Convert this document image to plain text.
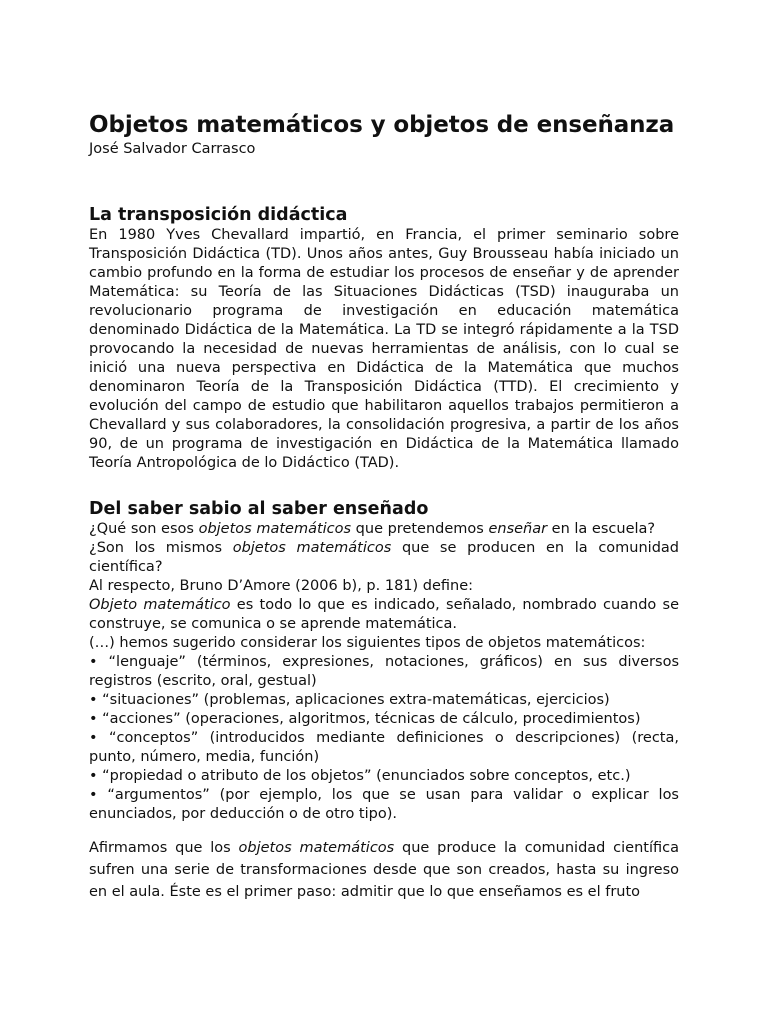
Objetos matemáticos y objetos de enseñanza

José Salvador Carrasco

La transposición didáctica

En 1980 Yves Chevallard impartió, en Francia, el primer seminario sobre Transposición Didáctica (TD). Unos años antes, Guy Brousseau había iniciado un cambio profundo en la forma de estudiar los procesos de enseñar y de aprender Matemática: su Teoría de las Situaciones Didácticas (TSD) inauguraba un revolucionario programa de investigación en educación matemática denominado Didáctica de la Matemática. La TD se integró rápidamente a la TSD provocando la necesidad de nuevas herramientas de análisis, con lo cual se inició una nueva perspectiva en Didáctica de la Matemática que muchos denominaron Teoría de la Transposición Didáctica (TTD). El crecimiento y evolución del campo de estudio que habilitaron aquellos trabajos permitieron a Chevallard y sus colaboradores, la consolidación progresiva, a partir de los años 90, de un programa de investigación en Didáctica de la Matemática llamado Teoría Antropológica de lo Didáctico (TAD).

Del saber sabio al saber enseñado

¿Qué son esos objetos matemáticos que pretendemos enseñar en la escuela?

¿Son los mismos objetos matemáticos que se producen en la comunidad científica?

Al respecto, Bruno D’Amore (2006 b), p. 181) define:

Objeto matemático es todo lo que es indicado, señalado, nombrado cuando se construye, se comunica o se aprende matemática.

(…) hemos sugerido considerar los siguientes tipos de objetos matemáticos:

• “lenguaje” (términos, expresiones, notaciones, gráficos) en sus diversos registros (escrito, oral, gestual)

• “situaciones” (problemas, aplicaciones extra-matemáticas, ejercicios)

• “acciones” (operaciones, algoritmos, técnicas de cálculo, procedimientos)

• “conceptos” (introducidos mediante definiciones o descripciones) (recta, punto, número, media, función)

• “propiedad o atributo de los objetos” (enunciados sobre conceptos, etc.)

• “argumentos” (por ejemplo, los que se usan para validar o explicar los enunciados, por deducción o de otro tipo).

Afirmamos que los objetos matemáticos que produce la comunidad científica sufren una serie de transformaciones desde que son creados, hasta su ingreso en el aula. Éste es el primer paso: admitir que lo que enseñamos es el fruto
